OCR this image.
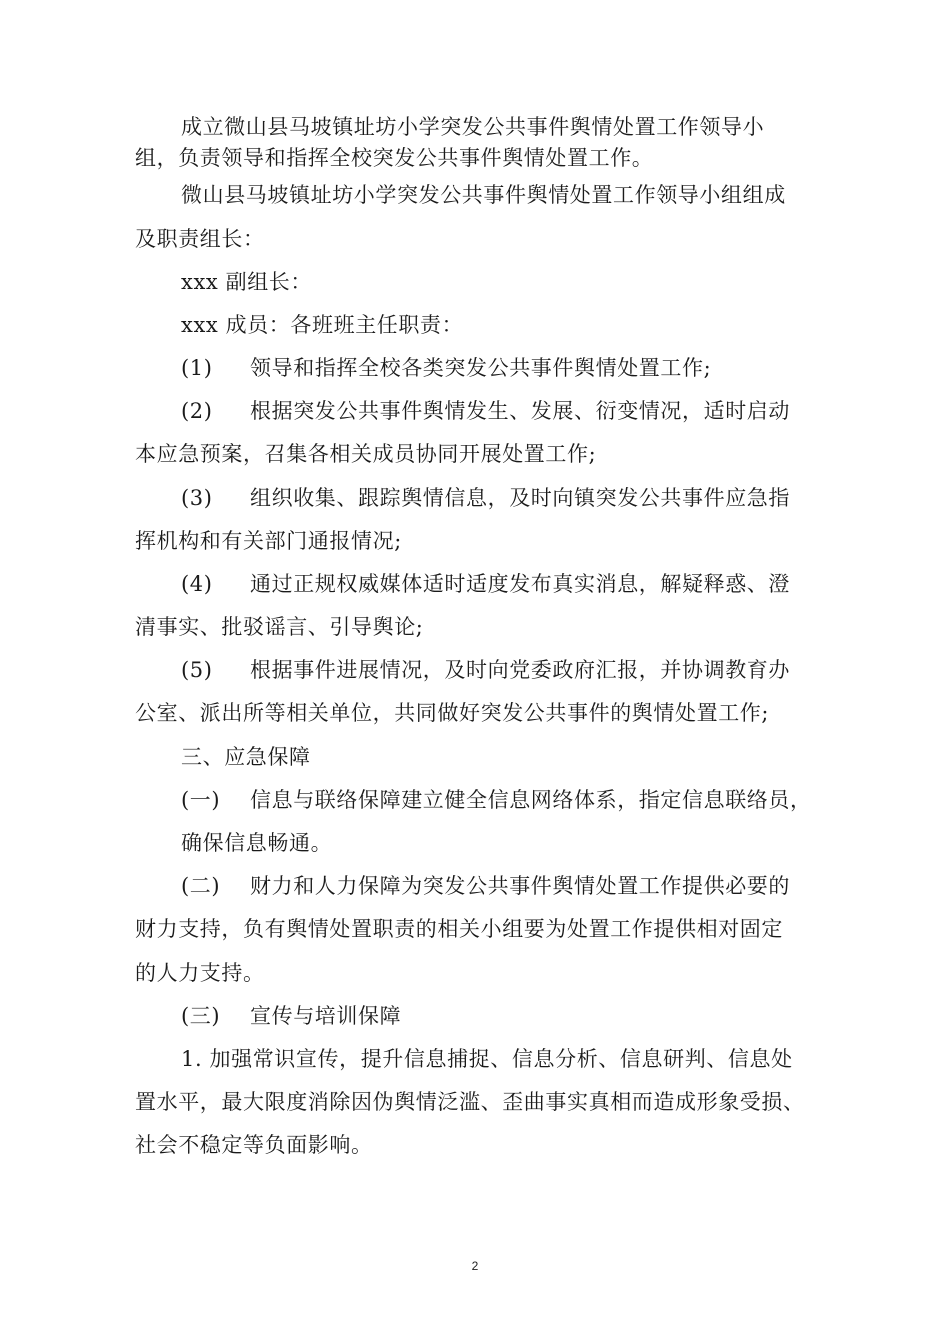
成立微山县马坡镇址坊小学突发公共事件舆情处置工作领导小
组，负责领导和指挥全校突发公共事件舆情处置工作。
微山县马坡镇址坊小学突发公共事件舆情处置工作领导小组组成
及职责组长：
xxx 副组长：
xxx 成员：各班班主任职责：
(1) 领导和指挥全校各类突发公共事件舆情处置工作;
(2) 根据突发公共事件舆情发生、发展、衍变情况，适时启动
本应急预案，召集各相关成员协同开展处置工作;
(3) 组织收集、跟踪舆情信息，及时向镇突发公共事件应急指
挥机构和有关部门通报情况;
(4) 通过正规权威媒体适时适度发布真实消息，解疑释惑、澄
清事实、批驳谣言、引导舆论;
(5) 根据事件进展情况，及时向党委政府汇报，并协调教育办
公室、派出所等相关单位，共同做好突发公共事件的舆情处置工作;
三、应急保障
(一) 信息与联络保障建立健全信息网络体系，指定信息联络员，
确保信息畅通。
(二) 财力和人力保障为突发公共事件舆情处置工作提供必要的
财力支持，负有舆情处置职责的相关小组要为处置工作提供相对固定
的人力支持。
(三) 宣传与培训保障
1. 加强常识宣传，提升信息捕捉、信息分析、信息研判、信息处
置水平，最大限度消除因伪舆情泛滥、歪曲事实真相而造成形象受损、
社会不稳定等负面影响。
2
